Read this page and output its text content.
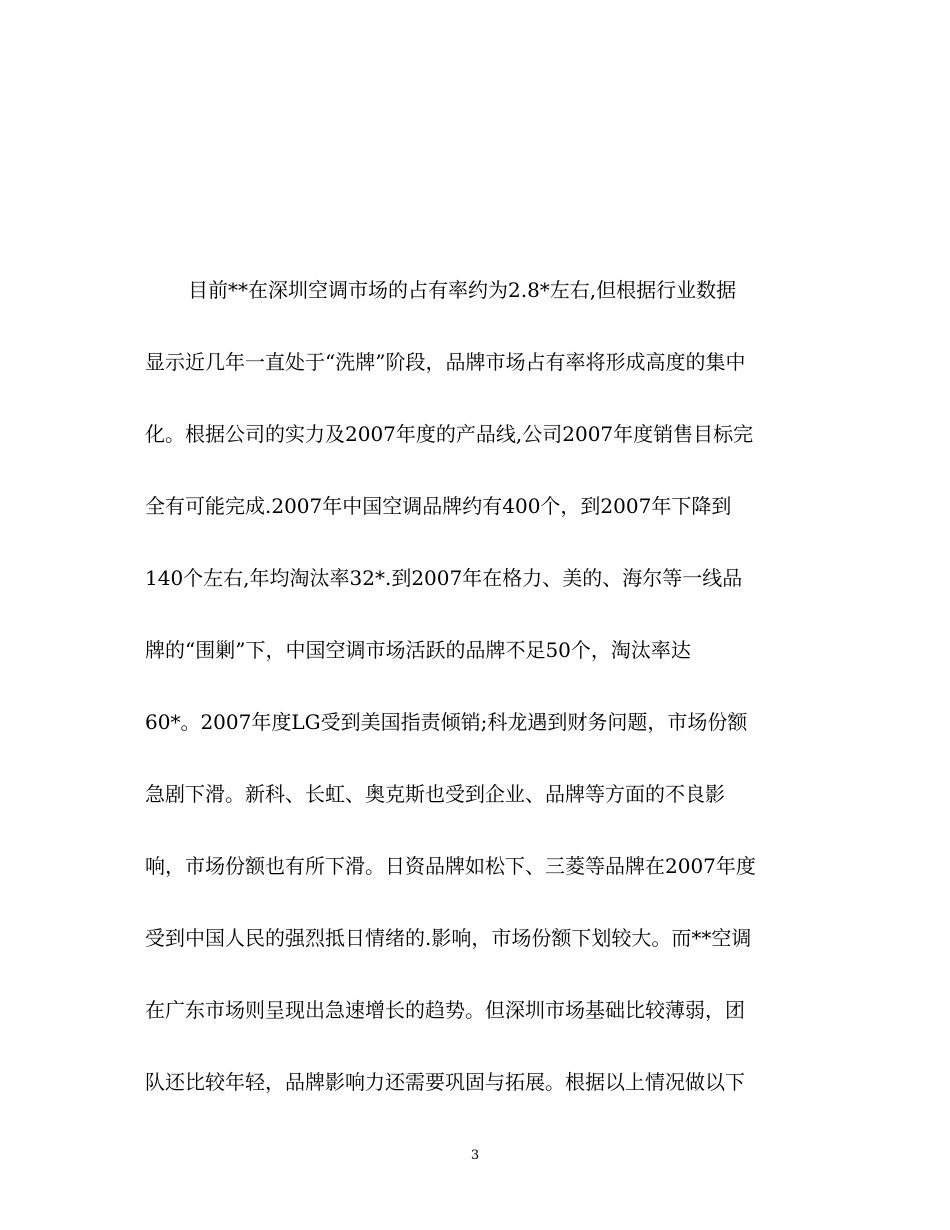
目前**在深圳空调市场的占有率约为2.8*左右,但根据行业数据
显示近几年一直处于“洗牌”阶段，品牌市场占有率将形成高度的集中
化。根据公司的实力及2007年度的产品线,公司2007年度销售目标完
全有可能完成.2007年中国空调品牌约有400个，到2007年下降到
140个左右,年均淘汰率32*.到2007年在格力、美的、海尔等一线品
牌的“围剿”下，中国空调市场活跃的品牌不足50个，淘汰率达
60*。2007年度LG受到美国指责倾销;科龙遇到财务问题，市场份额
急剧下滑。新科、长虹、奥克斯也受到企业、品牌等方面的不良影
响，市场份额也有所下滑。日资品牌如松下、三菱等品牌在2007年度
受到中国人民的强烈抵日情绪的.影响，市场份额下划较大。而**空调
在广东市场则呈现出急速增长的趋势。但深圳市场基础比较薄弱，团
队还比较年轻，品牌影响力还需要巩固与拓展。根据以上情况做以下
3
